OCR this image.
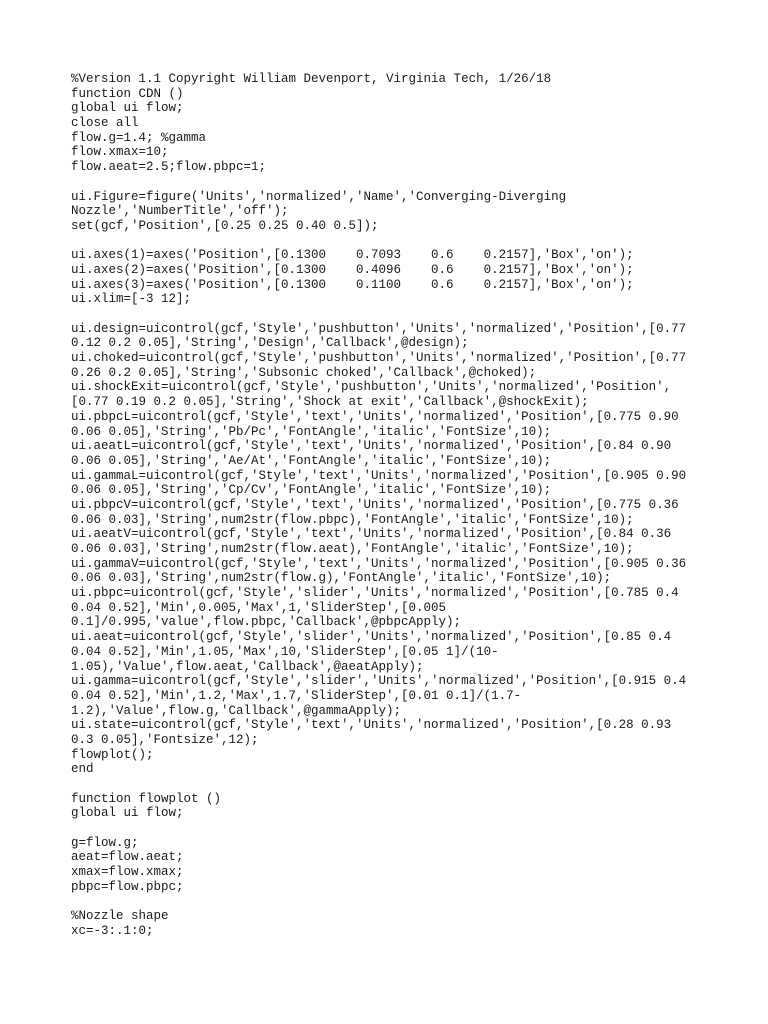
%Version 1.1 Copyright William Devenport, Virginia Tech, 1/26/18
function CDN ()
global ui flow;
close all
flow.g=1.4; %gamma
flow.xmax=10;
flow.aeat=2.5;flow.pbpc=1;

ui.Figure=figure('Units','normalized','Name','Converging-Diverging
Nozzle','NumberTitle','off');
set(gcf,'Position',[0.25 0.25 0.40 0.5]);

ui.axes(1)=axes('Position',[0.1300    0.7093    0.6    0.2157],'Box','on');
ui.axes(2)=axes('Position',[0.1300    0.4096    0.6    0.2157],'Box','on');
ui.axes(3)=axes('Position',[0.1300    0.1100    0.6    0.2157],'Box','on');
ui.xlim=[-3 12];

ui.design=uicontrol(gcf,'Style','pushbutton','Units','normalized','Position',[0.77
0.12 0.2 0.05],'String','Design','Callback',@design);
ui.choked=uicontrol(gcf,'Style','pushbutton','Units','normalized','Position',[0.77
0.26 0.2 0.05],'String','Subsonic choked','Callback',@choked);
ui.shockExit=uicontrol(gcf,'Style','pushbutton','Units','normalized','Position',
[0.77 0.19 0.2 0.05],'String','Shock at exit','Callback',@shockExit);
ui.pbpcL=uicontrol(gcf,'Style','text','Units','normalized','Position',[0.775 0.90
0.06 0.05],'String','Pb/Pc','FontAngle','italic','FontSize',10);
ui.aeatL=uicontrol(gcf,'Style','text','Units','normalized','Position',[0.84 0.90
0.06 0.05],'String','Ae/At','FontAngle','italic','FontSize',10);
ui.gammaL=uicontrol(gcf,'Style','text','Units','normalized','Position',[0.905 0.90
0.06 0.05],'String','Cp/Cv','FontAngle','italic','FontSize',10);
ui.pbpcV=uicontrol(gcf,'Style','text','Units','normalized','Position',[0.775 0.36
0.06 0.03],'String',num2str(flow.pbpc),'FontAngle','italic','FontSize',10);
ui.aeatV=uicontrol(gcf,'Style','text','Units','normalized','Position',[0.84 0.36
0.06 0.03],'String',num2str(flow.aeat),'FontAngle','italic','FontSize',10);
ui.gammaV=uicontrol(gcf,'Style','text','Units','normalized','Position',[0.905 0.36
0.06 0.03],'String',num2str(flow.g),'FontAngle','italic','FontSize',10);
ui.pbpc=uicontrol(gcf,'Style','slider','Units','normalized','Position',[0.785 0.4
0.04 0.52],'Min',0.005,'Max',1,'SliderStep',[0.005
0.1]/0.995,'value',flow.pbpc,'Callback',@pbpcApply);
ui.aeat=uicontrol(gcf,'Style','slider','Units','normalized','Position',[0.85 0.4
0.04 0.52],'Min',1.05,'Max',10,'SliderStep',[0.05 1]/(10-
1.05),'Value',flow.aeat,'Callback',@aeatApply);
ui.gamma=uicontrol(gcf,'Style','slider','Units','normalized','Position',[0.915 0.4
0.04 0.52],'Min',1.2,'Max',1.7,'SliderStep',[0.01 0.1]/(1.7-
1.2),'Value',flow.g,'Callback',@gammaApply);
ui.state=uicontrol(gcf,'Style','text','Units','normalized','Position',[0.28 0.93
0.3 0.05],'Fontsize',12);
flowplot();
end

function flowplot ()
global ui flow;

g=flow.g;
aeat=flow.aeat;
xmax=flow.xmax;
pbpc=flow.pbpc;

%Nozzle shape
xc=-3:.1:0;
